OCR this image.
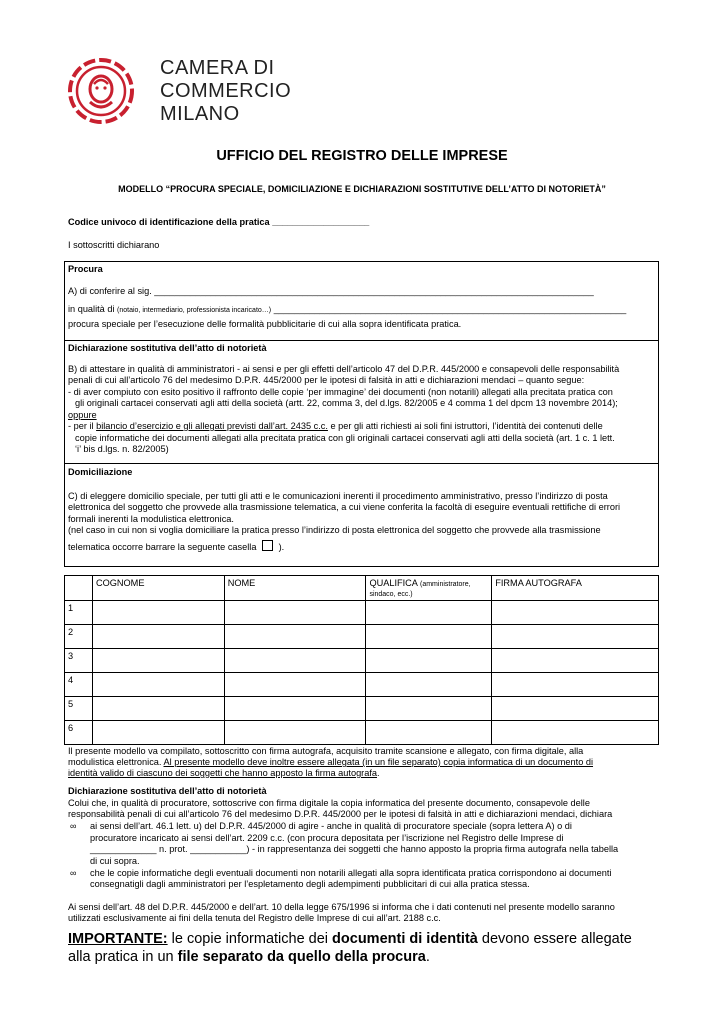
CAMERA DI
COMMERCIO
MILANO
UFFICIO DEL REGISTRO DELLE IMPRESE
MODELLO “PROCURA SPECIALE, DOMICILIAZIONE E DICHIARAZIONI SOSTITUTIVE DELL’ATTO DI NOTORIETÀ”
Codice univoco di identificazione della pratica ___________________
I sottoscritti dichiarano
Procura
A) di conferire al sig. ______________________________________________________________________________________
in qualità di (notaio, intermediario, professionista incaricato…) _____________________________________________________________________
procura speciale per l’esecuzione delle formalità pubblicitarie di cui alla sopra identificata pratica.
Dichiarazione sostitutiva dell’atto di notorietà
B) di attestare in qualità di amministratori - ai sensi e per gli effetti dell’articolo 47 del D.P.R. 445/2000 e consapevoli delle responsabilità
penali di cui all’articolo 76 del medesimo D.P.R. 445/2000 per le ipotesi di falsità in atti e dichiarazioni mendaci – quanto segue:
- di aver compiuto con esito positivo il raffronto delle copie ‘per immagine’ dei documenti (non notarili) allegati alla precitata pratica con
gli originali cartacei conservati agli atti della società (artt. 22, comma 3, del d.lgs. 82/2005 e 4 comma 1 del dpcm 13 novembre 2014);
oppure
- per il bilancio d’esercizio e gli allegati previsti dall’art. 2435 c.c. e per gli atti richiesti ai soli fini istruttori, l’identità dei contenuti delle
copie informatiche dei documenti allegati alla precitata pratica con gli originali cartacei conservati agli atti della società (art. 1 c. 1 lett.
‘i’ bis d.lgs. n. 82/2005)
Domiciliazione
C) di eleggere domicilio speciale, per tutti gli atti e le comunicazioni inerenti il procedimento amministrativo, presso l’indirizzo di posta
elettronica del soggetto che provvede alla trasmissione telematica, a cui viene conferita la facoltà di eseguire eventuali rettifiche di errori
formali inerenti la modulistica elettronica.
(nel caso in cui non si voglia domiciliare la pratica presso l’indirizzo di posta elettronica del soggetto che provvede alla trasmissione
telematica occorre barrare la seguente casella ).
	COGNOME	NOME	QUALIFICA (amministratore, sindaco, ecc.)	FIRMA AUTOGRAFA
1				
2				
3				
4				
5				
6				
Il presente modello va compilato, sottoscritto con firma autografa, acquisito tramite scansione e allegato, con firma digitale, alla
modulistica elettronica. Al presente modello deve inoltre essere allegata (in un file separato) copia informatica di un documento di
identità valido di ciascuno dei soggetti che hanno apposto la firma autografa.
Dichiarazione sostitutiva dell’atto di notorietà
Colui che, in qualità di procuratore, sottoscrive con firma digitale la copia informatica del presente documento, consapevole delle
responsabilità penali di cui all’articolo 76 del medesimo D.P.R. 445/2000 per le ipotesi di falsità in atti e dichiarazioni mendaci, dichiara
∞ ai sensi dell’art. 46.1 lett. u) del D.P.R. 445/2000 di agire - anche in qualità di procuratore speciale (sopra lettera A) o di
procuratore incaricato ai sensi dell’art. 2209 c.c. (con procura depositata per l’iscrizione nel Registro delle Imprese di
_____________ n. prot. ___________) - in rappresentanza dei soggetti che hanno apposto la propria firma autografa nella tabella
di cui sopra.
∞ che le copie informatiche degli eventuali documenti non notarili allegati alla sopra identificata pratica corrispondono ai documenti
consegnatigli dagli amministratori per l’espletamento degli adempimenti pubblicitari di cui alla pratica stessa.
Ai sensi dell’art. 48 del D.P.R. 445/2000 e dell’art. 10 della legge 675/1996 si informa che i dati contenuti nel presente modello saranno
utilizzati esclusivamente ai fini della tenuta del Registro delle Imprese di cui all’art. 2188 c.c.
IMPORTANTE: le copie informatiche dei documenti di identità devono essere allegate
alla pratica in un file separato da quello della procura.
